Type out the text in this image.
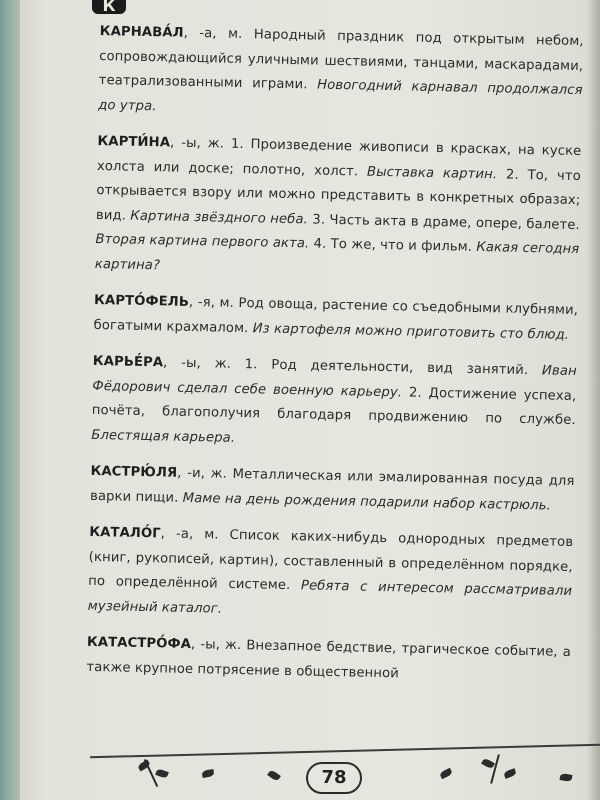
К

КАРНАВА́Л, -а, м. Народный праздник под открытым небом, сопровождающийся уличными шествиями, танцами, маскарадами, театрализованными играми. Новогодний карнавал продолжался до утра.

КАРТИ́НА, -ы, ж. 1. Произведение живописи в красках, на куске холста или доске; полотно, холст. Выставка картин. 2. То, что открывается взору или можно представить в конкретных образах; вид. Картина звёздного неба. 3. Часть акта в драме, опере, балете. Вторая картина первого акта. 4. То же, что и фильм. Какая сегодня картина?

КАРТО́ФЕЛЬ, -я, м. Род овоща, растение со съедобными клубнями, богатыми крахмалом. Из картофеля можно приготовить сто блюд.

КАРЬЕ́РА, -ы, ж. 1. Род деятельности, вид занятий. Иван Фёдорович сделал себе военную карьеру. 2. Достижение успеха, почёта, благополучия благодаря продвижению по службе. Блестящая карьера.

КАСТРЮ́ЛЯ, -и, ж. Металлическая или эмалированная посуда для варки пищи. Маме на день рождения подарили набор кастрюль.

КАТАЛО́Г, -а, м. Список каких-нибудь однородных предметов (книг, рукописей, картин), составленный в определённом порядке, по определённой системе. Ребята с интересом рассматривали музейный каталог.

КАТАСТРО́ФА, -ы, ж. Внезапное бедствие, трагическое событие, а также крупное потрясение в общественной

78
